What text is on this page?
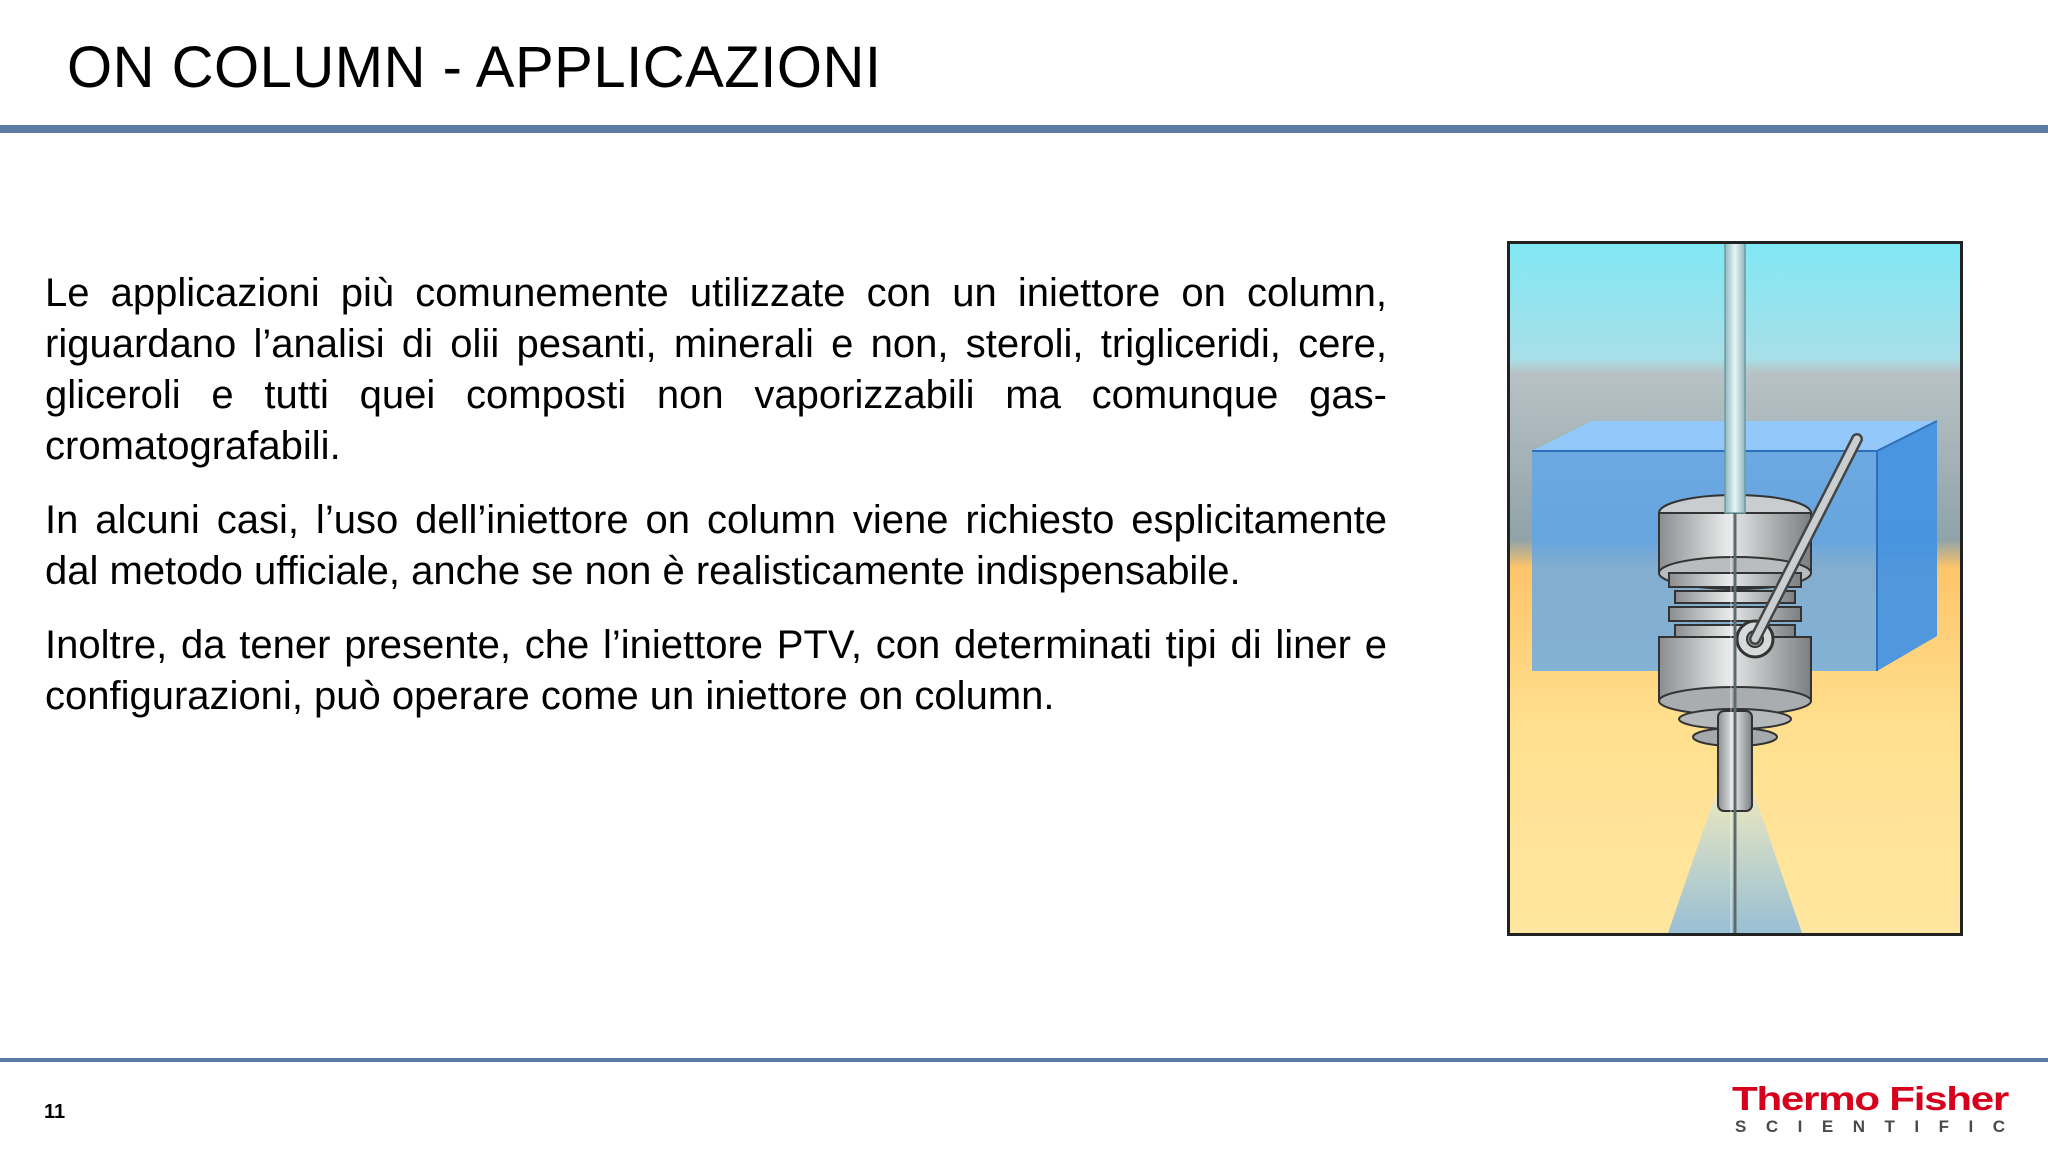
ON COLUMN - APPLICAZIONI

Le applicazioni più comunemente utilizzate con un iniettore on column, riguardano l’analisi di olii pesanti, minerali e non, steroli, trigliceridi, cere, gliceroli e tutti quei composti non vaporizzabili ma comunque gas-cromatografabili.

In alcuni casi, l’uso dell’iniettore on column viene richiesto esplicitamente dal metodo ufficiale, anche se non è realisticamente indispensabile.

Inoltre, da tener presente, che l’iniettore PTV, con determinati tipi di liner e configurazioni, può operare come un iniettore on column.

11	Thermo Fisher
SCIENTIFIC
